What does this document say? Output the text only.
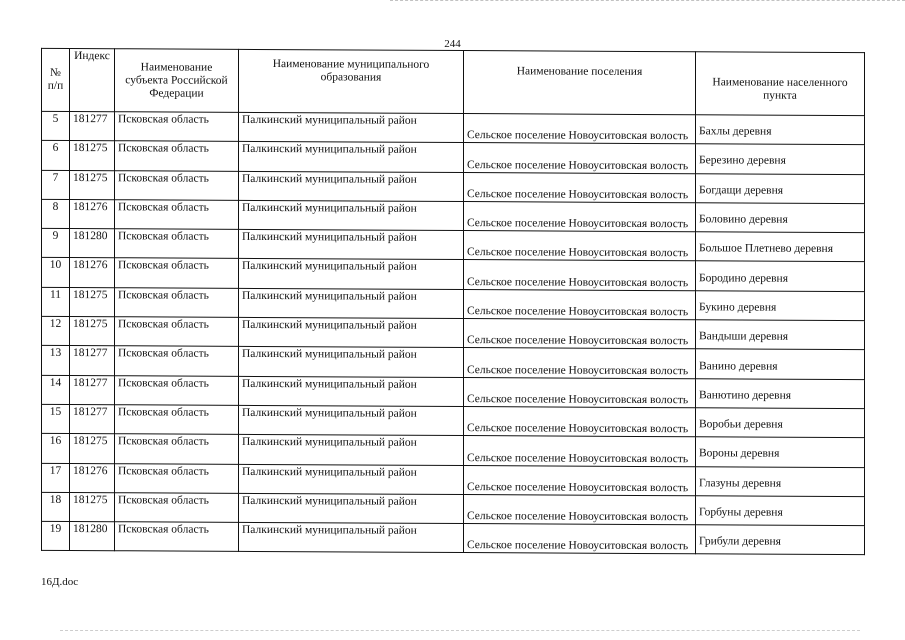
244
№ п/п	Индекс	Наименование субъекта Российской Федерации	Наименование муниципального образования	Наименование поселения	Наименование населенного пункта
5	181277	Псковская область	Палкинский муниципальный район	Сельское поселение Новоуситовская волость	Бахлы деревня
6	181275	Псковская область	Палкинский муниципальный район	Сельское поселение Новоуситовская волость	Березино деревня
7	181275	Псковская область	Палкинский муниципальный район	Сельское поселение Новоуситовская волость	Богдащи деревня
8	181276	Псковская область	Палкинский муниципальный район	Сельское поселение Новоуситовская волость	Боловино деревня
9	181280	Псковская область	Палкинский муниципальный район	Сельское поселение Новоуситовская волость	Большое Плетнево деревня
10	181276	Псковская область	Палкинский муниципальный район	Сельское поселение Новоуситовская волость	Бородино деревня
11	181275	Псковская область	Палкинский муниципальный район	Сельское поселение Новоуситовская волость	Букино деревня
12	181275	Псковская область	Палкинский муниципальный район	Сельское поселение Новоуситовская волость	Вандыши деревня
13	181277	Псковская область	Палкинский муниципальный район	Сельское поселение Новоуситовская волость	Ванино деревня
14	181277	Псковская область	Палкинский муниципальный район	Сельское поселение Новоуситовская волость	Ванютино деревня
15	181277	Псковская область	Палкинский муниципальный район	Сельское поселение Новоуситовская волость	Воробьи деревня
16	181275	Псковская область	Палкинский муниципальный район	Сельское поселение Новоуситовская волость	Вороны деревня
17	181276	Псковская область	Палкинский муниципальный район	Сельское поселение Новоуситовская волость	Глазуны деревня
18	181275	Псковская область	Палкинский муниципальный район	Сельское поселение Новоуситовская волость	Горбуны деревня
19	181280	Псковская область	Палкинский муниципальный район	Сельское поселение Новоуситовская волость	Грибули деревня
16Д.doc
